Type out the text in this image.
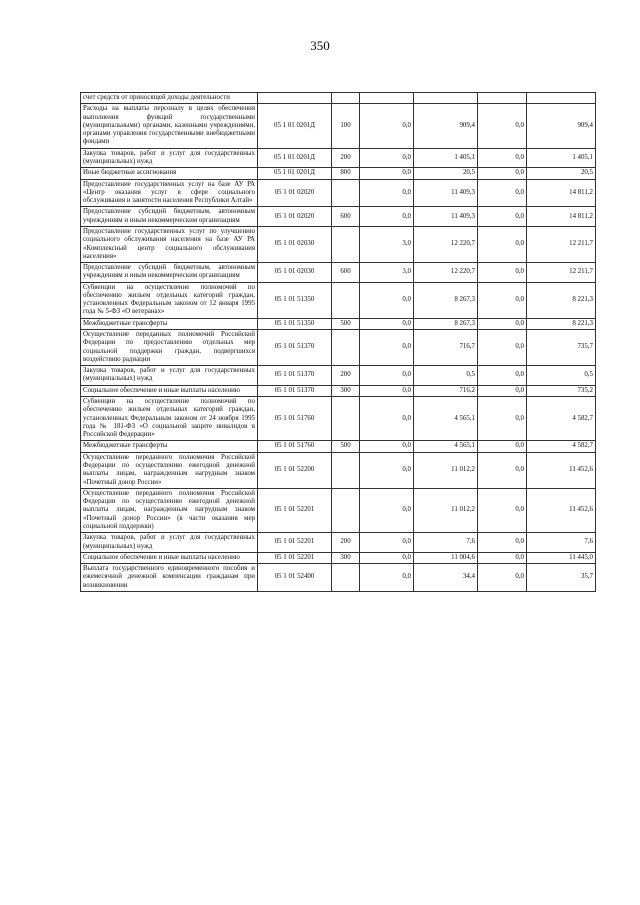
350
счет средств от приносящей доходы деятельности						
Расходы на выплаты персоналу в целях обеспечения выполнения функций государственными (муниципальными) органами, казенными учреждениями, органами управления государственными внебюджетными фондами	05 1 01 0201Д	100	0,0	909,4	0,0	909,4
Закупка товаров, работ и услуг для государственных (муниципальных) нужд	05 1 01 0201Д	200	0,0	1 405,1	0,0	1 405,1
Иные бюджетные ассигнования	05 1 01 0201Д	800	0,0	20,5	0,0	20,5
Предоставление государственных услуг на базе АУ РА «Центр оказания услуг в сфере социального обслуживания и занятости населения Республики Алтай»	05 1 01 02020		0,0	11 409,3	0,0	14 811,2
Предоставление субсидий бюджетным, автономным учреждениям и иным некоммерческим организациям	05 1 01 02020	600	0,0	11 409,3	0,0	14 811,2
Предоставление государственных услуг по улучшению социального обслуживания населения на базе АУ РА «Комплексный центр социального обслуживания населения»	05 1 01 02030		3,0	12 220,7	0,0	12 211,7
Предоставление субсидий бюджетным, автономным учреждениям и иным некоммерческим организациям	05 1 01 02030	600	3,0	12 220,7	0,0	12 211,7
Субвенции на осуществление полномочий по обеспечению жильем отдельных категорий граждан, установленных Федеральным законом от 12 января 1995 года № 5-ФЗ «О ветеранах»	05 1 01 51350		0,0	8 267,3	0,0	8 221,3
Межбюджетные трансферты	05 1 01 51350	500	0,0	8 267,3	0,0	8 221,3
Осуществление переданных полномочий Российской Федерации по предоставлению отдельных мер социальной поддержки граждан, подвергшихся воздействию радиации	05 1 01 51370		0,0	716,7	0,0	735,7
Закупка товаров, работ и услуг для государственных (муниципальных) нужд	05 1 01 51370	200	0,0	0,5	0,0	0,5
Социальное обеспечение и иные выплаты населению	05 1 01 51370	300	0,0	716,2	0,0	735,2
Субвенции на осуществление полномочий по обеспечению жильем отдельных категорий граждан, установленных Федеральным законом от 24 ноября 1995 года № 181-ФЗ «О социальной защите инвалидов в Российской Федерации»	05 1 01 51760		0,0	4 565,1	0,0	4 582,7
Межбюджетные трансферты	05 1 01 51760	500	0,0	4 565,1	0,0	4 582,7
Осуществление переданного полномочия Российской Федерации по осуществлению ежегодной денежной выплаты лицам, награжденным нагрудным знаком «Почетный донор России»	05 1 01 52200		0,0	11 012,2	0,0	11 452,6
Осуществление переданного полномочия Российской Федерации по осуществлению ежегодной денежной выплаты лицам, награжденным нагрудным знаком «Почетный донор России» (в части оказания мер социальной поддержки)	05 1 01 52201		0,0	11 012,2	0,0	11 452,6
Закупка товаров, работ и услуг для государственных (муниципальных) нужд	05 1 01 52201	200	0,0	7,6	0,0	7,6
Социальное обеспечение и иные выплаты населению	05 1 01 52201	300	0,0	11 004,6	0,0	11 445,0
Выплата государственного единовременного пособия и ежемесячной денежной компенсации гражданам при возникновении	05 1 01 52400		0,0	34,4	0,0	35,7
